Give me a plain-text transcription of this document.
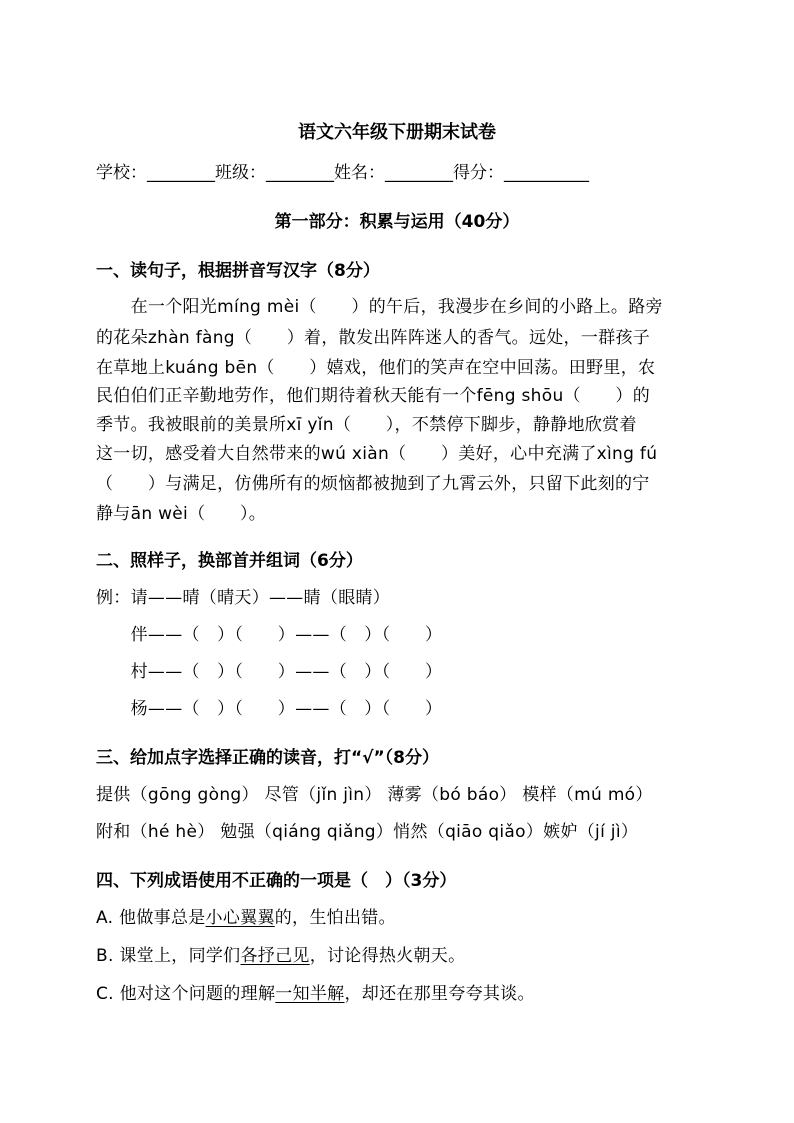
语文六年级下册期末试卷
学校：________班级：________姓名：________得分：__________
第一部分：积累与运用（40分）
一、读句子，根据拼音写汉字（8分）
　　在一个阳光míng mèi（　　）的午后，我漫步在乡间的小路上。路旁
的花朵zhàn fàng（　　）着，散发出阵阵迷人的香气。远处，一群孩子
在草地上kuáng bēn（　　）嬉戏，他们的笑声在空中回荡。田野里，农
民伯伯们正辛勤地劳作，他们期待着秋天能有一个fēng shōu（　　）的
季节。我被眼前的美景所xī yǐn（　　），不禁停下脚步，静静地欣赏着
这一切，感受着大自然带来的wú xiàn（　　）美好，心中充满了xìng fú
（　　）与满足，仿佛所有的烦恼都被抛到了九霄云外，只留下此刻的宁
静与ān wèi（　　）。
二、照样子，换部首并组词（6分）
例：请——晴（晴天）——睛（眼睛）
　　伴——（　）（　　）——（　）（　　）
　　村——（　）（　　）——（　）（　　）
　　杨——（　）（　　）——（　）（　　）
三、给加点字选择正确的读音，打“√”（8分）
提供（gōng gòng） 尽管（jǐn jìn） 薄雾（bó báo） 模样（mú mó）
附和（hé hè） 勉强（qiáng qiǎng）悄然（qiāo qiǎo）嫉妒（jí jì）
四、下列成语使用不正确的一项是（　）（3分）
A. 他做事总是小心翼翼的，生怕出错。
B. 课堂上，同学们各抒己见，讨论得热火朝天。
C. 他对这个问题的理解一知半解，却还在那里夸夸其谈。
